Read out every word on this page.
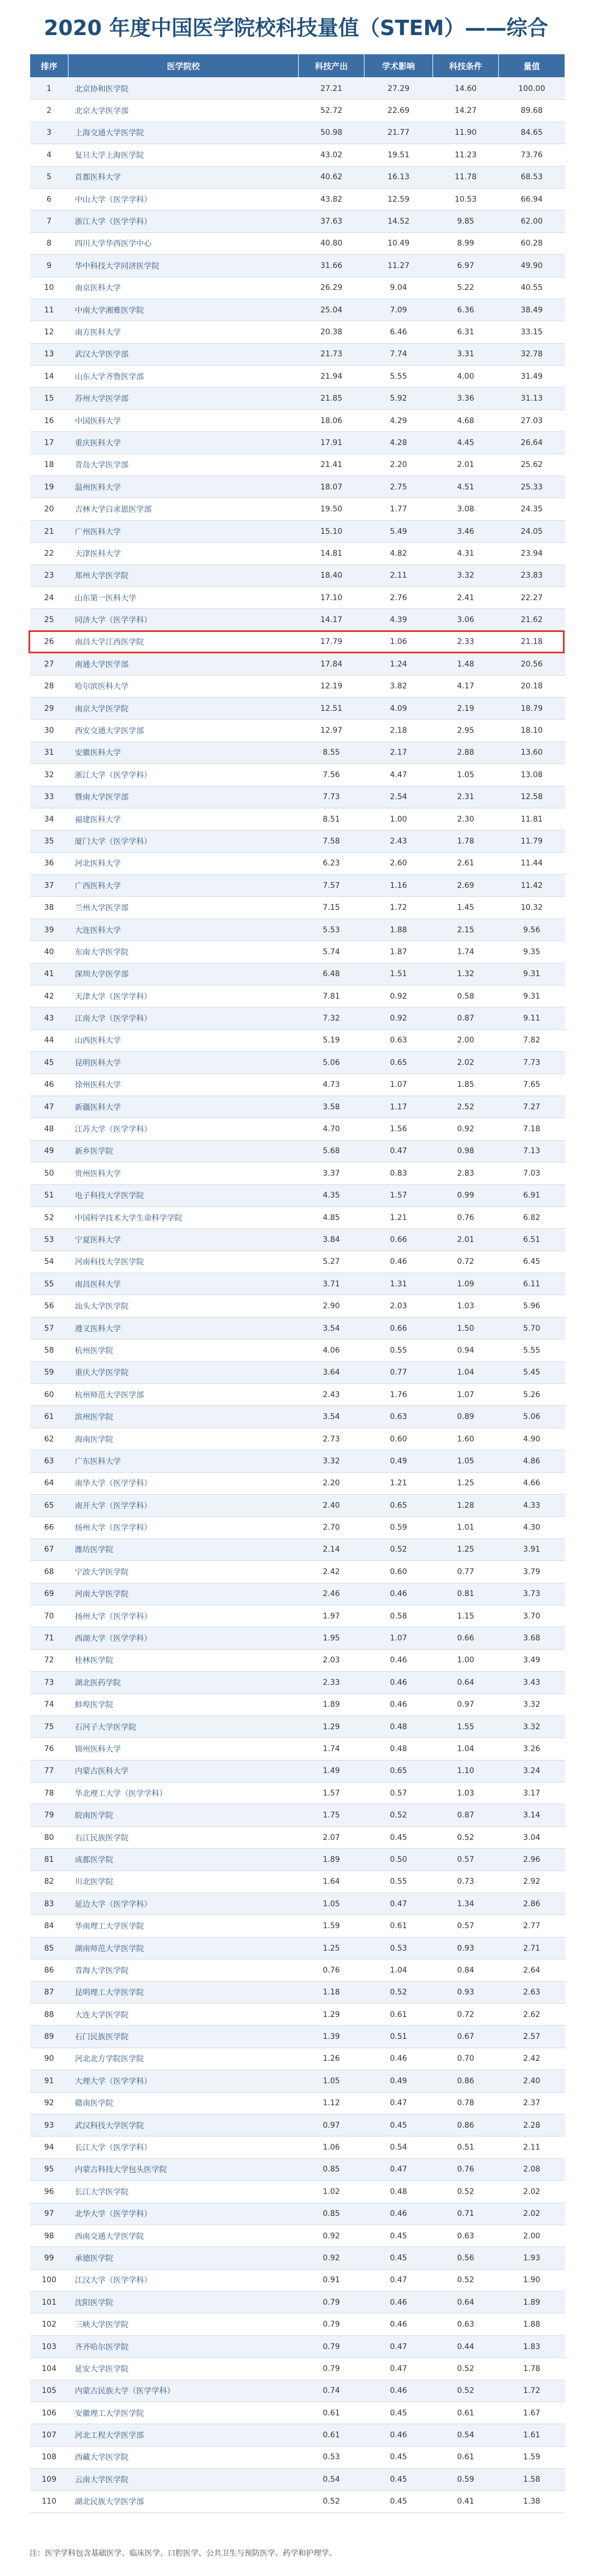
2020 年度中国医学院校科技量值（STEM）——综合
排序	医学院校	科技产出	学术影响	科技条件	量值
1	北京协和医学院	27.21	27.29	14.60	100.00
2	北京大学医学部	52.72	22.69	14.27	89.68
3	上海交通大学医学院	50.98	21.77	11.90	84.65
4	复旦大学上海医学院	43.02	19.51	11.23	73.76
5	首都医科大学	40.62	16.13	11.78	68.53
6	中山大学（医学学科）	43.82	12.59	10.53	66.94
7	浙江大学（医学学科）	37.63	14.52	9.85	62.00
8	四川大学华西医学中心	40.80	10.49	8.99	60.28
9	华中科技大学同济医学院	31.66	11.27	6.97	49.90
10	南京医科大学	26.29	9.04	5.22	40.55
11	中南大学湘雅医学院	25.04	7.09	6.36	38.49
12	南方医科大学	20.38	6.46	6.31	33.15
13	武汉大学医学部	21.73	7.74	3.31	32.78
14	山东大学齐鲁医学部	21.94	5.55	4.00	31.49
15	苏州大学医学部	21.85	5.92	3.36	31.13
16	中国医科大学	18.06	4.29	4.68	27.03
17	重庆医科大学	17.91	4.28	4.45	26.64
18	青岛大学医学部	21.41	2.20	2.01	25.62
19	温州医科大学	18.07	2.75	4.51	25.33
20	吉林大学白求恩医学部	19.50	1.77	3.08	24.35
21	广州医科大学	15.10	5.49	3.46	24.05
22	天津医科大学	14.81	4.82	4.31	23.94
23	郑州大学医学院	18.40	2.11	3.32	23.83
24	山东第一医科大学	17.10	2.76	2.41	22.27
25	同济大学（医学学科）	14.17	4.39	3.06	21.62
26	南昌大学江西医学院	17.79	1.06	2.33	21.18
27	南通大学医学部	17.84	1.24	1.48	20.56
28	哈尔滨医科大学	12.19	3.82	4.17	20.18
29	南京大学医学院	12.51	4.09	2.19	18.79
30	西安交通大学医学部	12.97	2.18	2.95	18.10
31	安徽医科大学	8.55	2.17	2.88	13.60
32	浙江大学（医学学科）	7.56	4.47	1.05	13.08
33	暨南大学医学部	7.73	2.54	2.31	12.58
34	福建医科大学	8.51	1.00	2.30	11.81
35	厦门大学（医学学科）	7.58	2.43	1.78	11.79
36	河北医科大学	6.23	2.60	2.61	11.44
37	广西医科大学	7.57	1.16	2.69	11.42
38	兰州大学医学部	7.15	1.72	1.45	10.32
39	大连医科大学	5.53	1.88	2.15	9.56
40	东南大学医学院	5.74	1.87	1.74	9.35
41	深圳大学医学部	6.48	1.51	1.32	9.31
42	天津大学（医学学科）	7.81	0.92	0.58	9.31
43	江南大学（医学学科）	7.32	0.92	0.87	9.11
44	山西医科大学	5.19	0.63	2.00	7.82
45	昆明医科大学	5.06	0.65	2.02	7.73
46	徐州医科大学	4.73	1.07	1.85	7.65
47	新疆医科大学	3.58	1.17	2.52	7.27
48	江苏大学（医学学科）	4.70	1.56	0.92	7.18
49	新乡医学院	5.68	0.47	0.98	7.13
50	贵州医科大学	3.37	0.83	2.83	7.03
51	电子科技大学医学院	4.35	1.57	0.99	6.91
52	中国科学技术大学生命科学学院	4.85	1.21	0.76	6.82
53	宁夏医科大学	3.84	0.66	2.01	6.51
54	河南科技大学医学院	5.27	0.46	0.72	6.45
55	南昌医科大学	3.71	1.31	1.09	6.11
56	汕头大学医学院	2.90	2.03	1.03	5.96
57	遵义医科大学	3.54	0.66	1.50	5.70
58	杭州医学院	4.06	0.55	0.94	5.55
59	重庆大学医学院	3.64	0.77	1.04	5.45
60	杭州师范大学医学部	2.43	1.76	1.07	5.26
61	滨州医学院	3.54	0.63	0.89	5.06
62	海南医学院	2.73	0.60	1.60	4.90
63	广东医科大学	3.32	0.49	1.05	4.86
64	南华大学（医学学科）	2.20	1.21	1.25	4.66
65	南开大学（医学学科）	2.40	0.65	1.28	4.33
66	扬州大学（医学学科）	2.70	0.59	1.01	4.30
67	潍坊医学院	2.14	0.52	1.25	3.91
68	宁波大学医学院	2.42	0.60	0.77	3.79
69	河南大学医学院	2.46	0.46	0.81	3.73
70	扬州大学（医学学科）	1.97	0.58	1.15	3.70
71	西湖大学（医学学科）	1.95	1.07	0.66	3.68
72	桂林医学院	2.03	0.46	1.00	3.49
73	湖北医药学院	2.33	0.46	0.64	3.43
74	蚌埠医学院	1.89	0.46	0.97	3.32
75	石河子大学医学院	1.29	0.48	1.55	3.32
76	锦州医科大学	1.74	0.48	1.04	3.26
77	内蒙古医科大学	1.49	0.65	1.10	3.24
78	华北理工大学（医学学科）	1.57	0.57	1.03	3.17
79	皖南医学院	1.75	0.52	0.87	3.14
80	右江民族医学院	2.07	0.45	0.52	3.04
81	成都医学院	1.89	0.50	0.57	2.96
82	川北医学院	1.64	0.55	0.73	2.92
83	延边大学（医学学科）	1.05	0.47	1.34	2.86
84	华南理工大学医学院	1.59	0.61	0.57	2.77
85	湖南师范大学医学院	1.25	0.53	0.93	2.71
86	青海大学医学院	0.76	1.04	0.84	2.64
87	昆明理工大学医学院	1.18	0.52	0.93	2.63
88	大连大学医学院	1.29	0.61	0.72	2.62
89	石门民族医学院	1.39	0.51	0.67	2.57
90	河北北方学院医学院	1.26	0.46	0.70	2.42
91	大理大学（医学学科）	1.05	0.49	0.86	2.40
92	赣南医学院	1.12	0.47	0.78	2.37
93	武汉科技大学医学院	0.97	0.45	0.86	2.28
94	长江大学（医学学科）	1.06	0.54	0.51	2.11
95	内蒙古科技大学包头医学院	0.85	0.47	0.76	2.08
96	长江大学医学院	1.02	0.48	0.52	2.02
97	北华大学（医学学科）	0.85	0.46	0.71	2.02
98	西南交通大学医学院	0.92	0.45	0.63	2.00
99	承德医学院	0.92	0.45	0.56	1.93
100	江汉大学（医学学科）	0.91	0.47	0.52	1.90
101	沈阳医学院	0.79	0.46	0.64	1.89
102	三峡大学医学院	0.79	0.46	0.63	1.88
103	齐齐哈尔医学院	0.79	0.47	0.44	1.83
104	延安大学医学院	0.79	0.47	0.52	1.78
105	内蒙古民族大学（医学学科）	0.74	0.46	0.52	1.72
106	安徽理工大学医学院	0.61	0.45	0.61	1.67
107	河北工程大学医学部	0.61	0.46	0.54	1.61
108	西藏大学医学院	0.53	0.45	0.61	1.59
109	云南大学医学院	0.54	0.45	0.59	1.58
110	湖北民族大学医学部	0.52	0.45	0.41	1.38
注：医学学科包含基础医学、临床医学、口腔医学、公共卫生与预防医学、药学和护理学。
